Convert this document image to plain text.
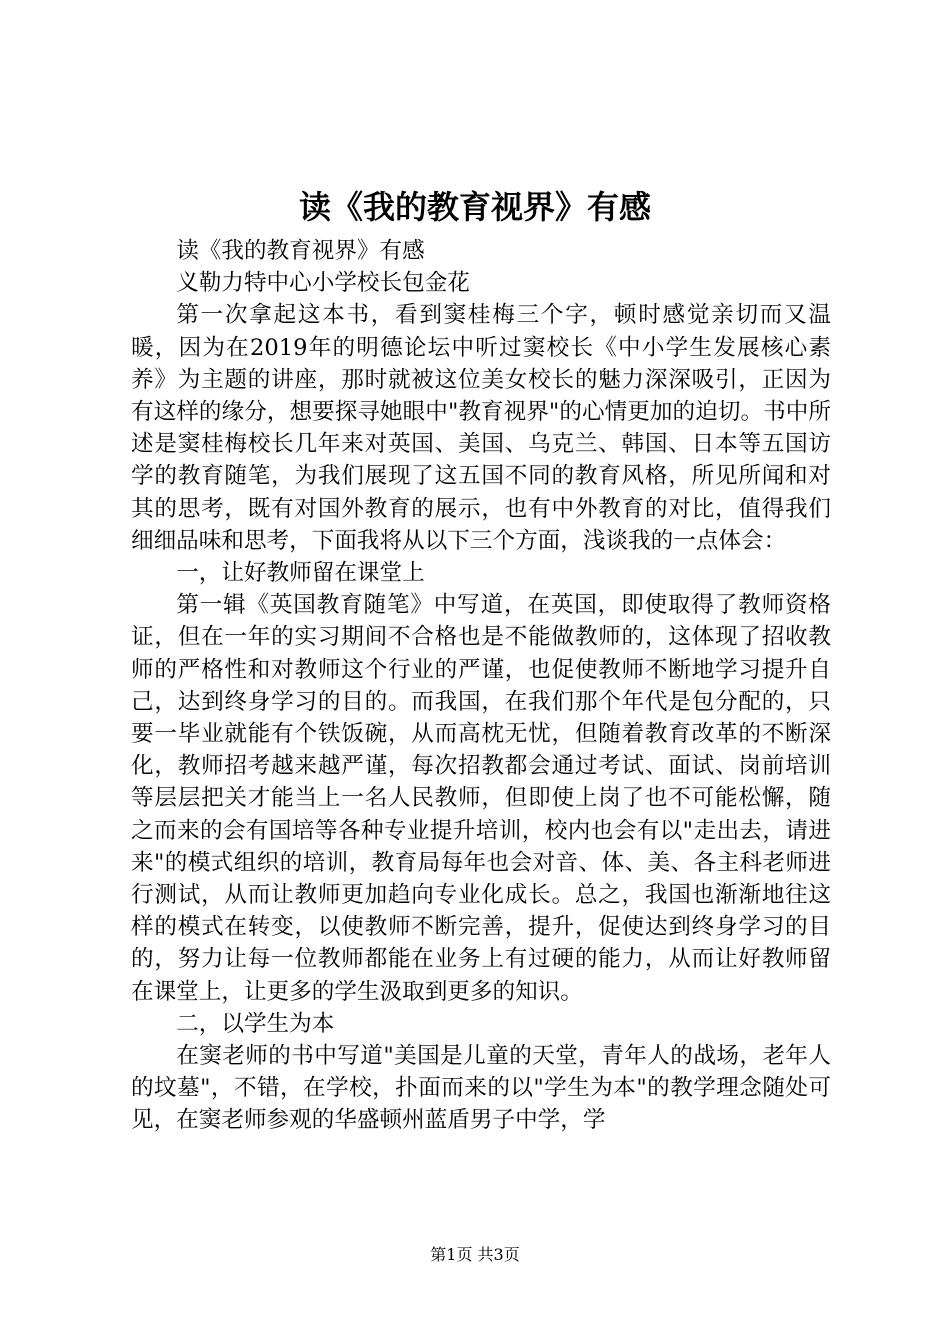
读《我的教育视界》有感

读《我的教育视界》有感

义勒力特中心小学校长包金花

第一次拿起这本书，看到窦桂梅三个字，顿时感觉亲切而又温暖，因为在2019年的明德论坛中听过窦校长《中小学生发展核心素养》为主题的讲座，那时就被这位美女校长的魅力深深吸引，正因为有这样的缘分，想要探寻她眼中"教育视界"的心情更加的迫切。书中所述是窦桂梅校长几年来对英国、美国、乌克兰、韩国、日本等五国访学的教育随笔，为我们展现了这五国不同的教育风格，所见所闻和对其的思考，既有对国外教育的展示，也有中外教育的对比，值得我们细细品味和思考，下面我将从以下三个方面，浅谈我的一点体会：

一，让好教师留在课堂上

第一辑《英国教育随笔》中写道，在英国，即使取得了教师资格证，但在一年的实习期间不合格也是不能做教师的，这体现了招收教师的严格性和对教师这个行业的严谨，也促使教师不断地学习提升自己，达到终身学习的目的。而我国，在我们那个年代是包分配的，只要一毕业就能有个铁饭碗，从而高枕无忧，但随着教育改革的不断深化，教师招考越来越严谨，每次招教都会通过考试、面试、岗前培训等层层把关才能当上一名人民教师，但即使上岗了也不可能松懈，随之而来的会有国培等各种专业提升培训，校内也会有以"走出去，请进来"的模式组织的培训，教育局每年也会对音、体、美、各主科老师进行测试，从而让教师更加趋向专业化成长。总之，我国也渐渐地往这样的模式在转变，以使教师不断完善，提升，促使达到终身学习的目的，努力让每一位教师都能在业务上有过硬的能力，从而让好教师留在课堂上，让更多的学生汲取到更多的知识。

二，以学生为本

在窦老师的书中写道"美国是儿童的天堂，青年人的战场，老年人的坟墓"，不错，在学校，扑面而来的以"学生为本"的教学理念随处可见，在窦老师参观的华盛顿州蓝盾男子中学，学

第1页 共3页
